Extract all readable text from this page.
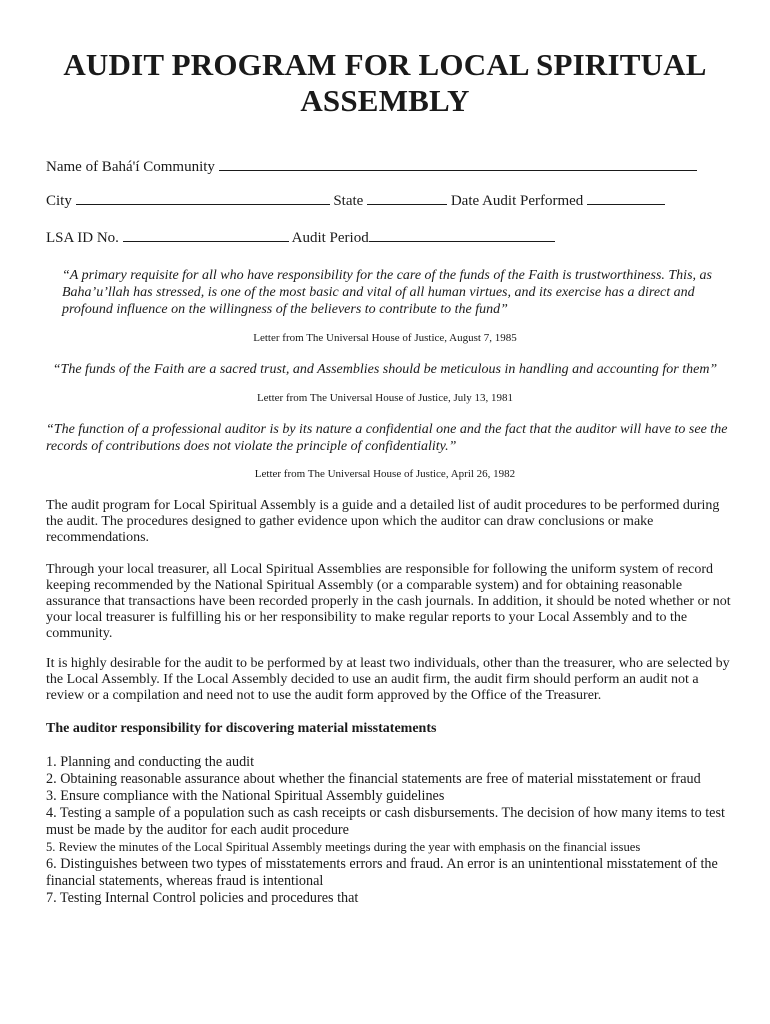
AUDIT PROGRAM FOR LOCAL SPIRITUAL
ASSEMBLY
Name of Bahá'í Community
City	State	Date Audit Performed
LSA ID No.	Audit Period
“A primary requisite for all who have responsibility for the care of the funds of the Faith is trustworthiness. This, as Baha’u’llah has stressed, is one of the most basic and vital of all human virtues, and its exercise has a direct and profound influence on the willingness of the believers to contribute to the fund”
Letter from The Universal House of Justice, August 7, 1985
“The funds of the Faith are a sacred trust, and Assemblies should be meticulous in handling and accounting for them”
Letter from The Universal House of Justice, July 13, 1981
“The function of a professional auditor is by its nature a confidential one and the fact that the auditor will have to see the records of contributions does not violate the principle of confidentiality.”
Letter from The Universal House of Justice, April 26, 1982
The audit program for Local Spiritual Assembly is a guide and a detailed list of audit procedures to be performed during the audit. The procedures designed to gather evidence upon which the auditor can draw conclusions or make recommendations.
Through your local treasurer, all Local Spiritual Assemblies are responsible for following the uniform system of record keeping recommended by the National Spiritual Assembly (or a comparable system) and for obtaining reasonable assurance that transactions have been recorded properly in the cash journals. In addition, it should be noted whether or not your local treasurer is fulfilling his or her responsibility to make regular reports to your Local Assembly and to the community.
It is highly desirable for the audit to be performed by at least two individuals, other than the treasurer, who are selected by the Local Assembly. If the Local Assembly decided to use an audit firm, the audit firm should perform an audit not a review or a compilation and need not to use the audit form approved by the Office of the Treasurer.
The auditor responsibility for discovering material misstatements
1. Planning and conducting the audit
2. Obtaining reasonable assurance about whether the financial statements are free of material misstatement or fraud
3. Ensure compliance with the National Spiritual Assembly guidelines
4. Testing a sample of a population such as cash receipts or cash disbursements. The decision of how many items to test must be made by the auditor for each audit procedure
5. Review the minutes of the Local Spiritual Assembly meetings during the year with emphasis on the financial issues
6. Distinguishes between two types of misstatements errors and fraud. An error is an unintentional misstatement of the financial statements, whereas fraud is intentional
7. Testing Internal Control policies and procedures that
